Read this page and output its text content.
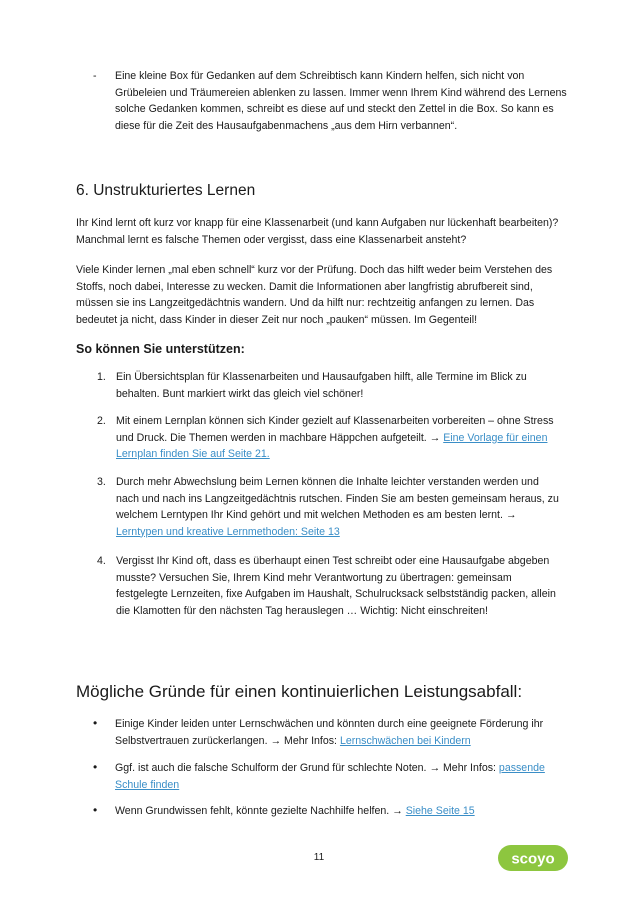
- Eine kleine Box für Gedanken auf dem Schreibtisch kann Kindern helfen, sich nicht von Grübeleien und Träumereien ablenken zu lassen. Immer wenn Ihrem Kind während des Lernens solche Gedanken kommen, schreibt es diese auf und steckt den Zettel in die Box. So kann es diese für die Zeit des Hausaufgabenmachens „aus dem Hirn verbannen“.
6. Unstrukturiertes Lernen

Ihr Kind lernt oft kurz vor knapp für eine Klassenarbeit (und kann Aufgaben nur lückenhaft bearbeiten)? Manchmal lernt es falsche Themen oder vergisst, dass eine Klassenarbeit ansteht?

Viele Kinder lernen „mal eben schnell“ kurz vor der Prüfung. Doch das hilft weder beim Verstehen des Stoffs, noch dabei, Interesse zu wecken. Damit die Informationen aber langfristig abrufbereit sind, müssen sie ins Langzeitgedächtnis wandern. Und da hilft nur: rechtzeitig anfangen zu lernen. Das bedeutet ja nicht, dass Kinder in dieser Zeit nur noch „pauken“ müssen. Im Gegenteil!

So können Sie unterstützen:
1. Ein Übersichtsplan für Klassenarbeiten und Hausaufgaben hilft, alle Termine im Blick zu behalten. Bunt markiert wirkt das gleich viel schöner!
2. Mit einem Lernplan können sich Kinder gezielt auf Klassenarbeiten vorbereiten – ohne Stress und Druck. Die Themen werden in machbare Häppchen aufgeteilt. → Eine Vorlage für einen Lernplan finden Sie auf Seite 21.
3. Durch mehr Abwechslung beim Lernen können die Inhalte leichter verstanden werden und nach und nach ins Langzeitgedächtnis rutschen. Finden Sie am besten gemeinsam heraus, zu welchem Lerntypen Ihr Kind gehört und mit welchen Methoden es am besten lernt. → Lerntypen und kreative Lernmethoden: Seite 13
4. Vergisst Ihr Kind oft, dass es überhaupt einen Test schreibt oder eine Hausaufgabe abgeben musste? Versuchen Sie, Ihrem Kind mehr Verantwortung zu übertragen: gemeinsam festgelegte Lernzeiten, fixe Aufgaben im Haushalt, Schulrucksack selbstständig packen, allein die Klamotten für den nächsten Tag herauslegen … Wichtig: Nicht einschreiten!
Mögliche Gründe für einen kontinuierlichen Leistungsabfall:
• Einige Kinder leiden unter Lernschwächen und könnten durch eine geeignete Förderung ihr Selbstvertrauen zurückerlangen. → Mehr Infos: Lernschwächen bei Kindern
• Ggf. ist auch die falsche Schulform der Grund für schlechte Noten. → Mehr Infos: passende Schule finden
• Wenn Grundwissen fehlt, könnte gezielte Nachhilfe helfen. → Siehe Seite 15
11	scoyo
